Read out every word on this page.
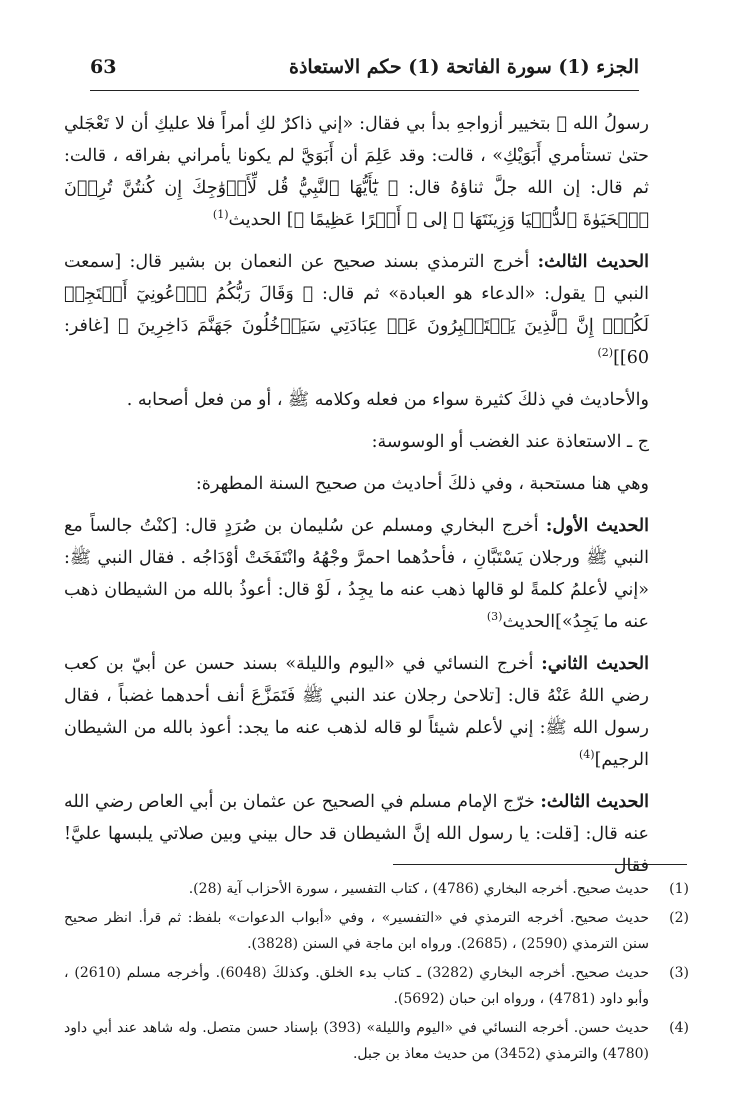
الجزء (1) سورة الفاتحة (1) حكم الاستعاذة
63

رسولُ الله ﷺ بتخيير أزواجهِ بدأ بي فقال: «إني ذاكرٌ لكِ أمراً فلا عليكِ أن لا تَعْجَلي حتىٰ تستأمري أَبَوَيْكِ» ، قالت: وقد عَلِمَ أن أَبَوَيَّ لم يكونا يأمراني بفراقه ، قالت: ثم قال: إن الله جلَّ ثناؤهُ قال: ﴿ يَٰٓأَيُّهَا ٱلنَّبِيُّ قُل لِّأَزۡوَٰجِكَ إِن كُنتُنَّ تُرِدۡنَ ٱلۡحَيَوٰةَ ٱلدُّنۡيَا وَزِينَتَهَا ﴾ إلى ﴿ أَجۡرًا عَظِيمًا ﴾] الحديث$^{(1)}$

الحديث الثالث: أخرج الترمذي بسند صحيح عن النعمان بن بشير قال: [سمعت النبي ﷺ يقول: «الدعاء هو العبادة» ثم قال: ﴿ وَقَالَ رَبُّكُمُ ٱدۡعُونِيٓ أَسۡتَجِبۡ لَكُمۡۚ إِنَّ ٱلَّذِينَ يَسۡتَكۡبِرُونَ عَنۡ عِبَادَتِي سَيَدۡخُلُونَ جَهَنَّمَ دَاخِرِينَ ﴾ [غافر: 60]]$^{(2)}$

والأحاديث في ذلكَ كثيرة سواء من فعله وكلامه ﷺ ، أو من فعل أصحابه .

ج ـ الاستعاذة عند الغضب أو الوسوسة:

وهي هنا مستحبة ، وفي ذلكَ أحاديث من صحيح السنة المطهرة:

الحديث الأول: أخرج البخاري ومسلم عن سُليمان بن صُرَدٍ قال: [كنْتُ جالساً مع النبي ﷺ ورجلان يَسْتَبَّانِ ، فأحدُهما احمرَّ وجْهُهُ وانْتَفَخَتْ أوْدَاجُه . فقال النبي ﷺ: «إني لأعلمُ كلمةً لو قالها ذهب عنه ما يجِدُ ، لَوْ قال: أعوذُ بالله من الشيطان ذهب عنه ما يَجِدُ»]الحديث$^{(3)}$

الحديث الثاني: أخرج النسائي في «اليوم والليلة» بسند حسن عن أبيّ بن كعب رضي اللهُ عَنْهُ قال: [تلاحىٰ رجلان عند النبي ﷺ فَتَمَزَّعَ أنف أحدهما غضباً ، فقال رسول الله ﷺ: إني لأعلم شيئاً لو قاله لذهب عنه ما يجد: أعوذ بالله من الشيطان الرجيم]$^{(4)}$

الحديث الثالث: خرّج الإمام مسلم في الصحيح عن عثمان بن أبي العاص رضي الله عنه قال: [قلت: يا رسول الله إنَّ الشيطان قد حال بيني وبين صلاتي يلبسها عليَّ! فقال

(1)
حديث صحيح. أخرجه البخاري (4786) ، كتاب التفسير ، سورة الأحزاب آية (28).
(2)
حديث صحيح. أخرجه الترمذي في «التفسير» ، وفي «أبواب الدعوات» بلفظ: ثم قرأ. انظر صحيح سنن الترمذي (2590) ، (2685). ورواه ابن ماجة في السنن (3828).
(3)
حديث صحيح. أخرجه البخاري (3282) ـ كتاب بدء الخلق. وكذلكَ (6048). وأخرجه مسلم (2610) ، وأبو داود (4781) ، ورواه ابن حبان (5692).
(4)
حديث حسن. أخرجه النسائي في «اليوم والليلة» (393) بإسناد حسن متصل. وله شاهد عند أبي داود (4780) والترمذي (3452) من حديث معاذ بن جبل.
